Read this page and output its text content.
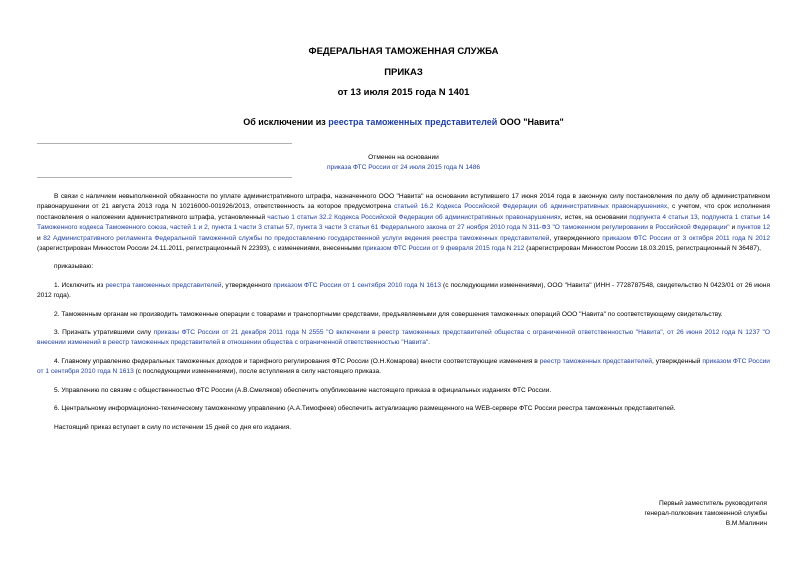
ФЕДЕРАЛЬНАЯ ТАМОЖЕННАЯ СЛУЖБА
ПРИКАЗ
от 13 июля 2015 года N 1401
Об исключении из реестра таможенных представителей ООО "Навита"
Отменен на основании
приказа ФТС России от 24 июля 2015 года N 1486

В связи с наличием невыполненной обязанности по уплате административного штрафа, назначенного ООО "Навита" на основании вступившего 17 июня 2014 года в законную силу постановления по делу об административном правонарушении от 21 августа 2013 года N 10216000-001926/2013, ответственность за которое предусмотрена статьей 16.2 Кодекса Российской Федерации об административных правонарушениях, с учетом, что срок исполнения постановления о наложении административного штрафа, установленный частью 1 статьи 32.2 Кодекса Российской Федерации об административных правонарушениях, истек, на основании подпункта 4 статьи 13, подпункта 1 статьи 14 Таможенного кодекса Таможенного союза, частей 1 и 2, пункта 1 части 3 статьи 57, пункта 3 части 3 статьи 61 Федерального закона от 27 ноября 2010 года N 311-ФЗ "О таможенном регулировании в Российской Федерации" и пунктов 12 и 82 Административного регламента Федеральной таможенной службы по предоставлению государственной услуги ведения реестра таможенных представителей, утвержденного приказом ФТС России от 3 октября 2011 года N 2012 (зарегистрирован Минюстом России 24.11.2011, регистрационный N 22393), с изменениями, внесенными приказом ФТС России от 9 февраля 2015 года N 212 (зарегистрирован Минюстом России 18.03.2015, регистрационный N 36487),

приказываю:

1. Исключить из реестра таможенных представителей, утвержденного приказом ФТС России от 1 сентября 2010 года N 1613 (с последующими изменениями), ООО "Навита" (ИНН - 7728787548, свидетельство N 0423/01 от 26 июня 2012 года).

2. Таможенным органам не производить таможенные операции с товарами и транспортными средствами, предъявляемыми для совершения таможенных операций ООО "Навита" по соответствующему свидетельству.

3. Признать утратившими силу приказы ФТС России от 21 декабря 2011 года N 2555 "О включении в реестр таможенных представителей общества с ограниченной ответственностью "Навита", от 26 июня 2012 года N 1237 "О внесении изменений в реестр таможенных представителей в отношении общества с ограниченной ответственностью "Навита".

4. Главному управлению федеральных таможенных доходов и тарифного регулирования ФТС России (О.Н.Комарова) внести соответствующие изменения в реестр таможенных представителей, утвержденный приказом ФТС России от 1 сентября 2010 года N 1613 (с последующими изменениями), после вступления в силу настоящего приказа.

5. Управлению по связям с общественностью ФТС России (А.В.Смеляков) обеспечить опубликование настоящего приказа в официальных изданиях ФТС России.

6. Центральному информационно-техническому таможенному управлению (А.А.Тимофеев) обеспечить актуализацию размещенного на WEB-сервере ФТС России реестра таможенных представителей.

Настоящий приказ вступает в силу по истечении 15 дней со дня его издания.

Первый заместитель руководителя
генерал-полковник таможенной службы
В.М.Малинин
